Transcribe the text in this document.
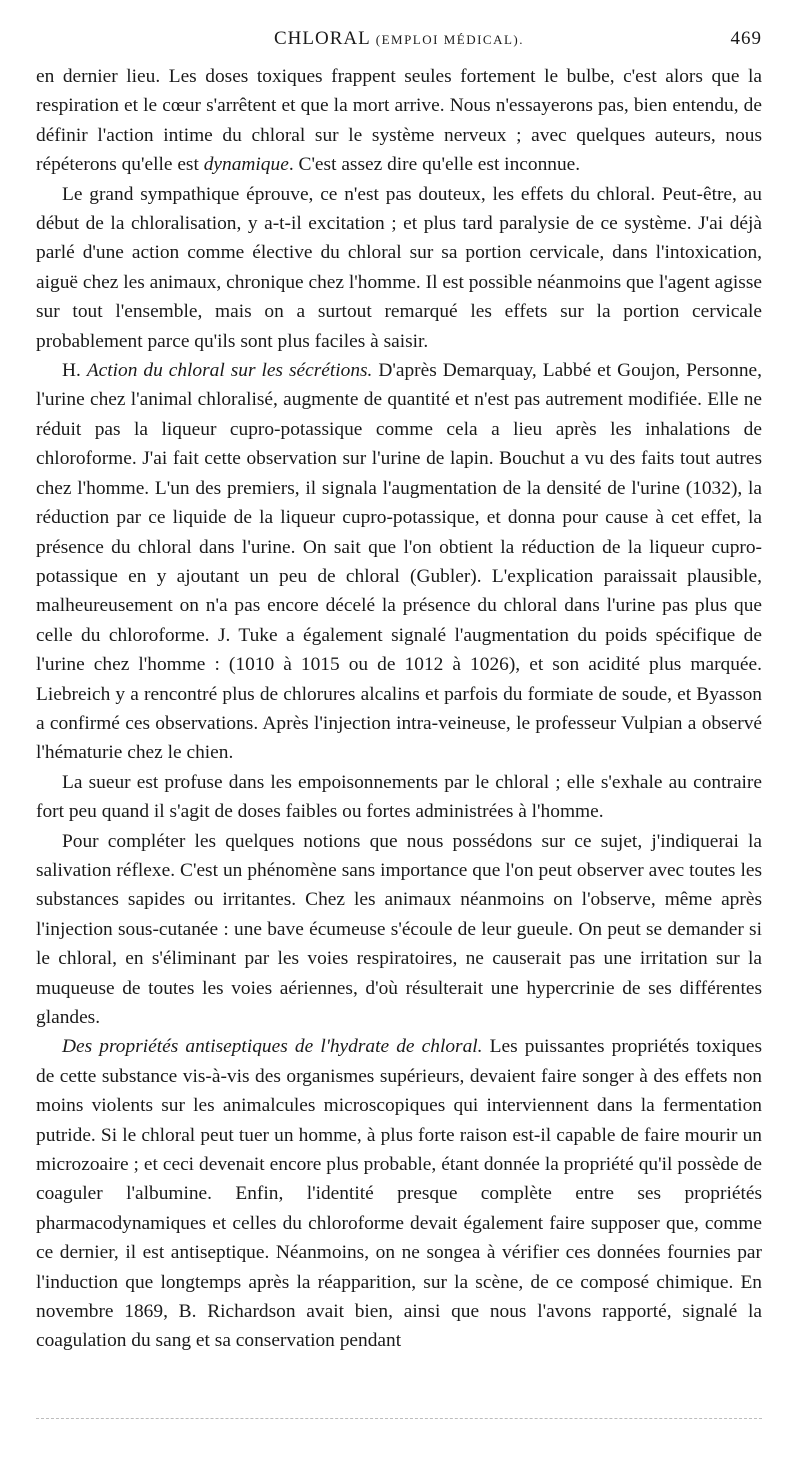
CHLORAL (EMPLOI MÉDICAL).	469

en dernier lieu. Les doses toxiques frappent seules fortement le bulbe, c'est alors que la respiration et le cœur s'arrêtent et que la mort arrive. Nous n'essayerons pas, bien entendu, de définir l'action intime du chloral sur le système nerveux ; avec quelques auteurs, nous répéterons qu'elle est dynamique. C'est assez dire qu'elle est inconnue.

Le grand sympathique éprouve, ce n'est pas douteux, les effets du chloral. Peut-être, au début de la chloralisation, y a-t-il excitation ; et plus tard paralysie de ce système. J'ai déjà parlé d'une action comme élective du chloral sur sa portion cervicale, dans l'intoxication, aiguë chez les animaux, chronique chez l'homme. Il est possible néanmoins que l'agent agisse sur tout l'ensemble, mais on a surtout remarqué les effets sur la portion cervicale probablement parce qu'ils sont plus faciles à saisir.

H. Action du chloral sur les sécrétions. D'après Demarquay, Labbé et Goujon, Personne, l'urine chez l'animal chloralisé, augmente de quantité et n'est pas autrement modifiée. Elle ne réduit pas la liqueur cupro-potassique comme cela a lieu après les inhalations de chloroforme. J'ai fait cette observation sur l'urine de lapin. Bouchut a vu des faits tout autres chez l'homme. L'un des premiers, il signala l'augmentation de la densité de l'urine (1032), la réduction par ce liquide de la liqueur cupro-potassique, et donna pour cause à cet effet, la présence du chloral dans l'urine. On sait que l'on obtient la réduction de la liqueur cupro-potassique en y ajoutant un peu de chloral (Gubler). L'explication paraissait plausible, malheureusement on n'a pas encore décelé la présence du chloral dans l'urine pas plus que celle du chloroforme. J. Tuke a également signalé l'augmentation du poids spécifique de l'urine chez l'homme : (1010 à 1015 ou de 1012 à 1026), et son acidité plus marquée. Liebreich y a rencontré plus de chlorures alcalins et parfois du formiate de soude, et Byasson a confirmé ces observations. Après l'injection intra-veineuse, le professeur Vulpian a observé l'hématurie chez le chien.

La sueur est profuse dans les empoisonnements par le chloral ; elle s'exhale au contraire fort peu quand il s'agit de doses faibles ou fortes administrées à l'homme.

Pour compléter les quelques notions que nous possédons sur ce sujet, j'indiquerai la salivation réflexe. C'est un phénomène sans importance que l'on peut observer avec toutes les substances sapides ou irritantes. Chez les animaux néanmoins on l'observe, même après l'injection sous-cutanée : une bave écumeuse s'écoule de leur gueule. On peut se demander si le chloral, en s'éliminant par les voies respiratoires, ne causerait pas une irritation sur la muqueuse de toutes les voies aériennes, d'où résulterait une hypercrinie de ses différentes glandes.

Des propriétés antiseptiques de l'hydrate de chloral. Les puissantes propriétés toxiques de cette substance vis-à-vis des organismes supérieurs, devaient faire songer à des effets non moins violents sur les animalcules microscopiques qui interviennent dans la fermentation putride. Si le chloral peut tuer un homme, à plus forte raison est-il capable de faire mourir un microzoaire ; et ceci devenait encore plus probable, étant donnée la propriété qu'il possède de coaguler l'albumine. Enfin, l'identité presque complète entre ses propriétés pharmacodynamiques et celles du chloroforme devait également faire supposer que, comme ce dernier, il est antiseptique. Néanmoins, on ne songea à vérifier ces données fournies par l'induction que longtemps après la réapparition, sur la scène, de ce composé chimique. En novembre 1869, B. Richardson avait bien, ainsi que nous l'avons rapporté, signalé la coagulation du sang et sa conservation pendant
